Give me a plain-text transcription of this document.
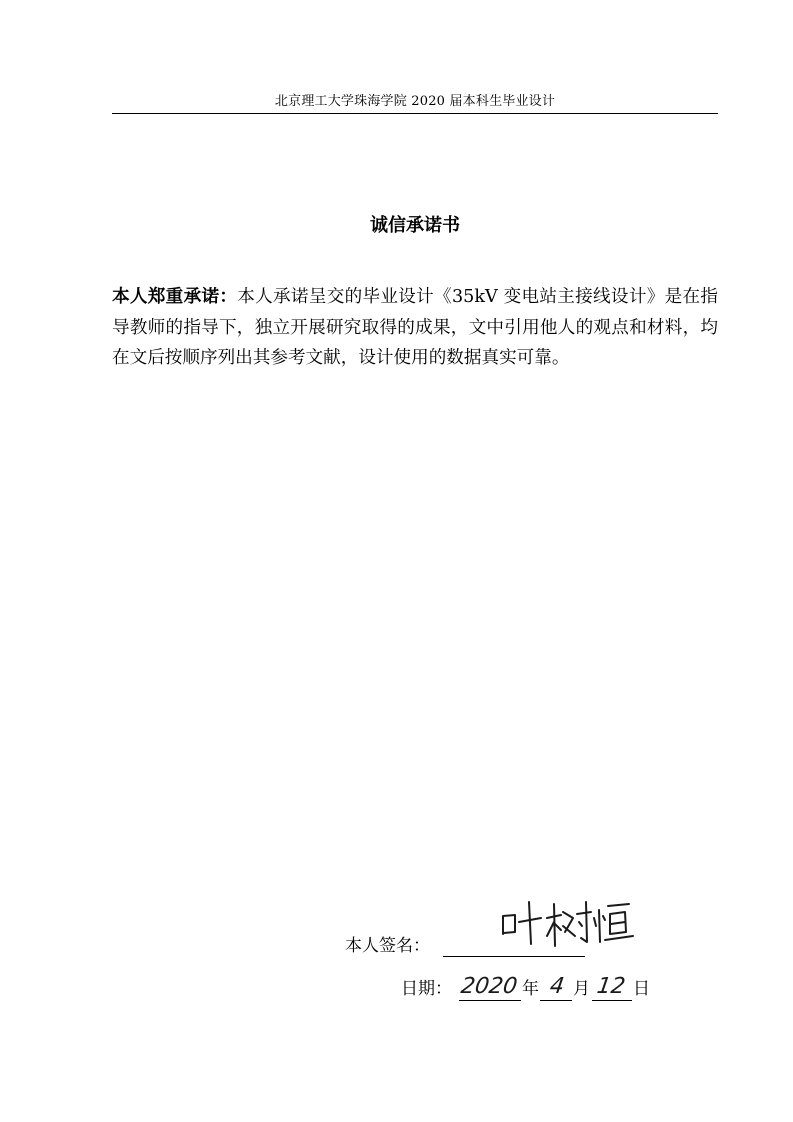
北京理工大学珠海学院 2020 届本科生毕业设计
诚信承诺书
本人郑重承诺：本人承诺呈交的毕业设计《35kV 变电站主接线设计》是在指导教师的指导下，独立开展研究取得的成果，文中引用他人的观点和材料，均在文后按顺序列出其参考文献，设计使用的数据真实可靠。
本人签名：
日期： 2020 年 4 月 12 日
